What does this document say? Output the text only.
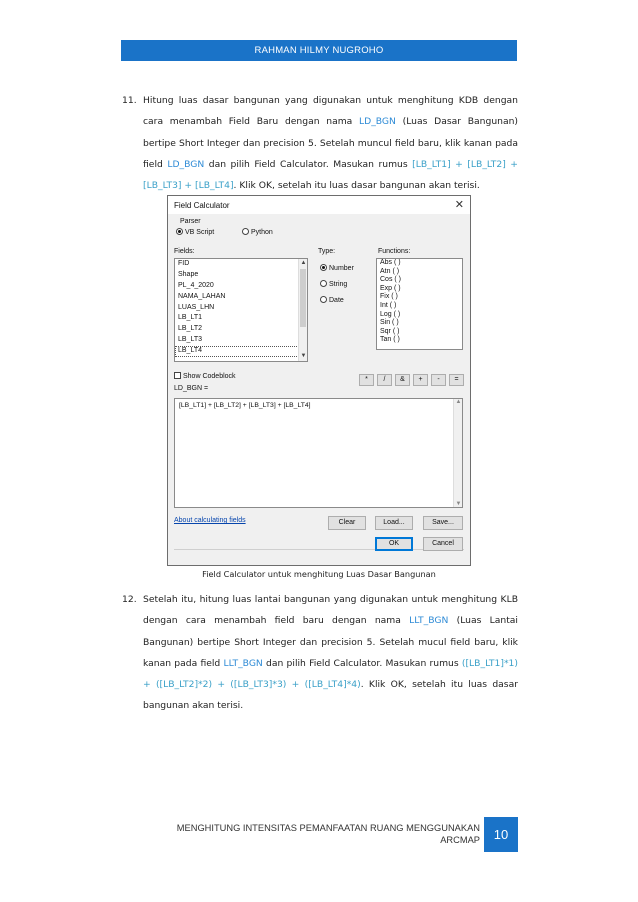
RAHMAN HILMY NUGROHO
11. Hitung luas dasar bangunan yang digunakan untuk menghitung KDB dengan cara menambah Field Baru dengan nama LD_BGN (Luas Dasar Bangunan) bertipe Short Integer dan precision 5. Setelah muncul field baru, klik kanan pada field LD_BGN dan pilih Field Calculator. Masukan rumus [LB_LT1] + [LB_LT2] + [LB_LT3] + [LB_LT4]. Klik OK, setelah itu luas dasar bangunan akan terisi.
Field Calculator	✕
Parser
VB Script	Python
Fields:
FID
Shape
PL_4_2020
NAMA_LAHAN
LUAS_LHN
LB_LT1
LB_LT2
LB_LT3
LB_LT4
▲
▼
Type:
Number
String
Date
Functions:
Abs ( )
Atn ( )
Cos ( )
Exp ( )
Fix ( )
Int ( )
Log ( )
Sin ( )
Sqr ( )
Tan ( )
Show Codeblock
LD_BGN =
*	/	&	+	-	=
[LB_LT1] + [LB_LT2] + [LB_LT3] + [LB_LT4]	▲
▼
About calculating fields	Clear	Load...	Save...
OK	Cancel
Field Calculator untuk menghitung Luas Dasar Bangunan
12. Setelah itu, hitung luas lantai bangunan yang digunakan untuk menghitung KLB dengan cara menambah field baru dengan nama LLT_BGN (Luas Lantai Bangunan) bertipe Short Integer dan precision 5. Setelah mucul field baru, klik kanan pada field LLT_BGN dan pilih Field Calculator. Masukan rumus ([LB_LT1]*1) + ([LB_LT2]*2) + ([LB_LT3]*3) + ([LB_LT4]*4). Klik OK, setelah itu luas dasar bangunan akan terisi.
MENGHITUNG INTENSITAS PEMANFAATAN RUANG MENGGUNAKAN
ARCMAP	10
